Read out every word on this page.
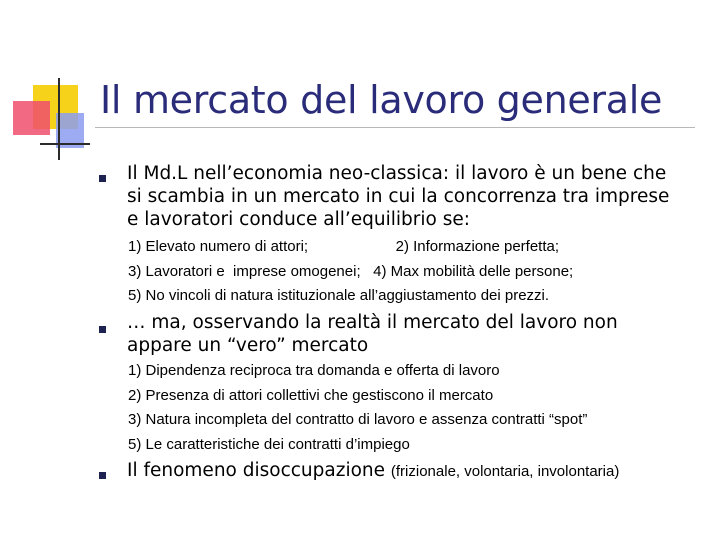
Il mercato del lavoro generale

Il Md.L nell’economia neo-classica: il lavoro è un bene che

si scambia in un mercato in cui la concorrenza tra imprese

e lavoratori conduce all’equilibrio se:

1) Elevato numero di attori;                     2) Informazione perfetta;

3) Lavoratori e  imprese omogenei;   4) Max mobilità delle persone;

5) No vincoli di natura istituzionale all’aggiustamento dei prezzi.

… ma, osservando la realtà il mercato del lavoro non

appare un “vero” mercato

1) Dipendenza reciproca tra domanda e offerta di lavoro

2) Presenza di attori collettivi che gestiscono il mercato

3) Natura incompleta del contratto di lavoro e assenza contratti “spot”

5) Le caratteristiche dei contratti d’impiego

Il fenomeno disoccupazione (frizionale, volontaria, involontaria)
